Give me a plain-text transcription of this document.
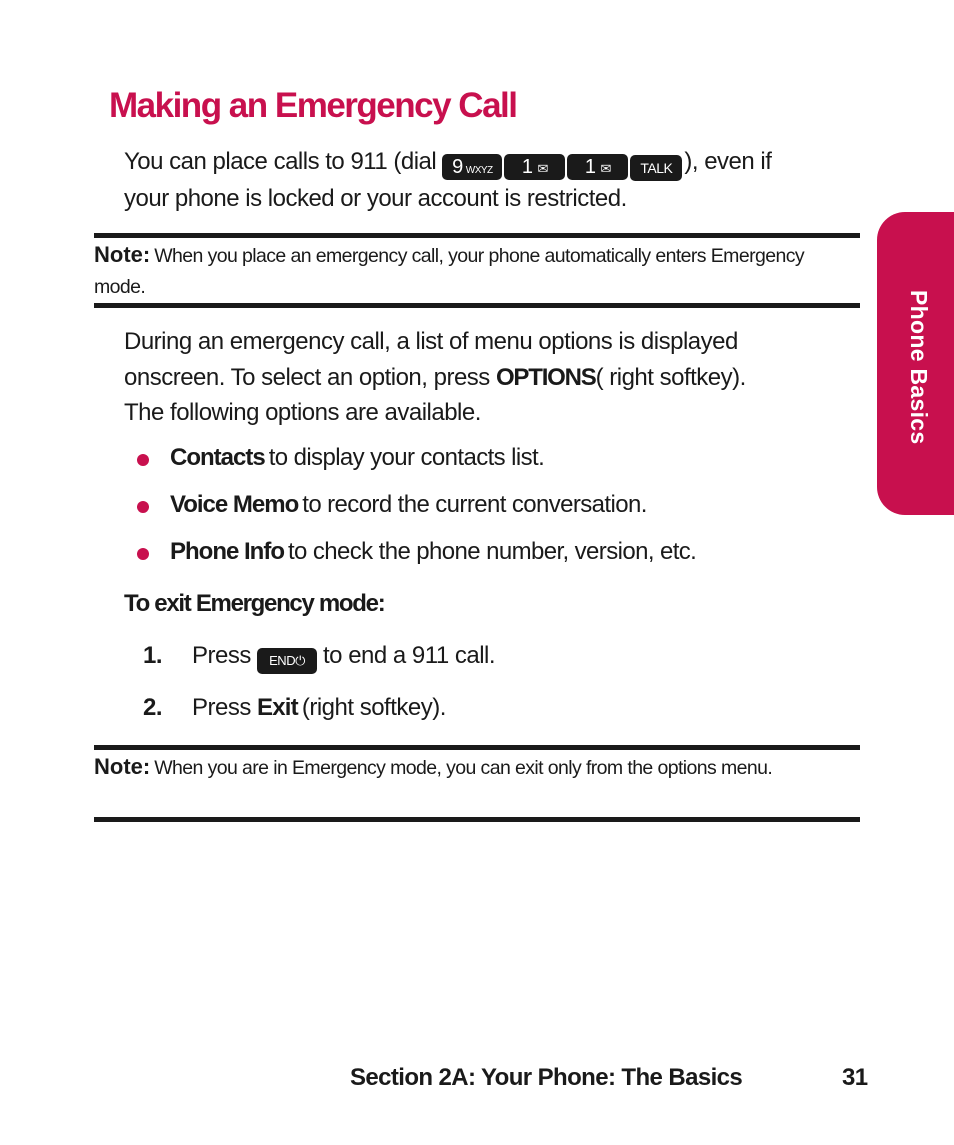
Making an Emergency Call
You can place calls to 911 (dial 9 WXYZ 1 ✉ 1 ✉ TALK ), even if
your phone is locked or your account is restricted.
Note: When you place an emergency call, your phone automatically enters Emergency mode.
During an emergency call, a list of menu options is displayed
onscreen. To select an option, press OPTIONS( right softkey).
The following options are available.
Contacts to display your contacts list.
Voice Memo to record the current conversation.
Phone Info to check the phone number, version, etc.
To exit Emergency mode:
1. Press END⏻ to end a 911 call.
2. Press Exit (right softkey).
Note: When you are in Emergency mode, you can exit only from the options menu.
Phone Basics
Section 2A: Your Phone: The Basics	31
